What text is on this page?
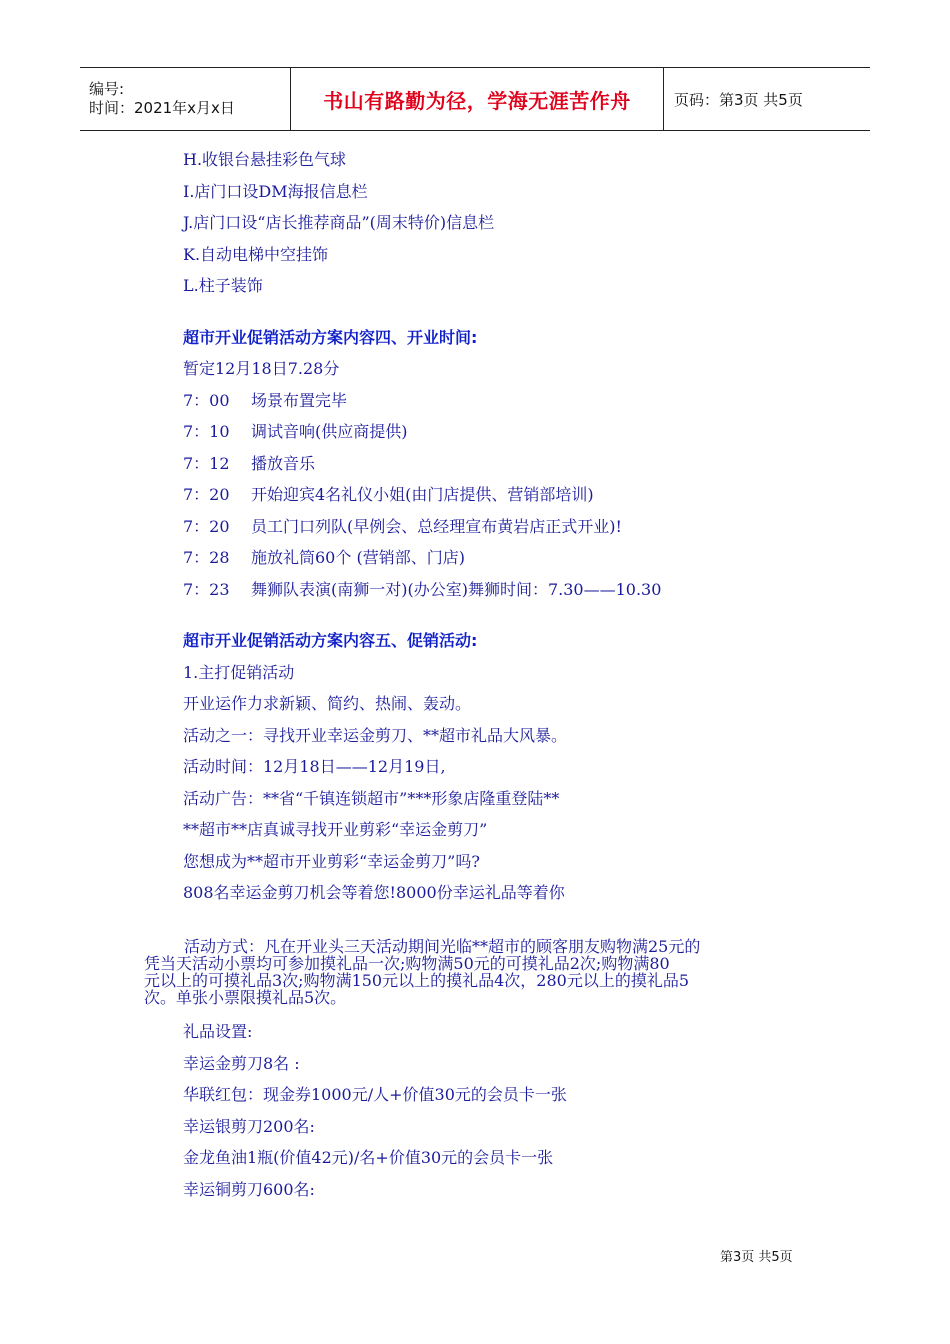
编号:
时间：2021年x月x日	书山有路勤为径，学海无涯苦作舟	页码：第3页 共5页
H.收银台悬挂彩色气球
I.店门口设DM海报信息栏
J.店门口设“店长推荐商品”(周末特价)信息栏
K.自动电梯中空挂饰
L.柱子装饰
超市开业促销活动方案内容四、开业时间:
暂定12月18日7.28分
7：00 场景布置完毕
7：10 调试音响(供应商提供)
7：12 播放音乐
7：20 开始迎宾4名礼仪小姐(由门店提供、营销部培训)
7：20 员工门口列队(早例会、总经理宣布黄岩店正式开业)!
7：28 施放礼筒60个 (营销部、门店)
7：23 舞狮队表演(南狮一对)(办公室)舞狮时间：7.30——10.30
超市开业促销活动方案内容五、促销活动:
1.主打促销活动
开业运作力求新颖、简约、热闹、轰动。
活动之一：寻找开业幸运金剪刀、**超市礼品大风暴。
活动时间：12月18日——12月19日,
活动广告：**省“千镇连锁超市”***形象店隆重登陆**
**超市**店真诚寻找开业剪彩“幸运金剪刀”
您想成为**超市开业剪彩“幸运金剪刀”吗?
808名幸运金剪刀机会等着您!8000份幸运礼品等着你
活动方式：凡在开业头三天活动期间光临**超市的顾客朋友购物满25元的
凭当天活动小票均可参加摸礼品一次;购物满50元的可摸礼品2次;购物满80
元以上的可摸礼品3次;购物满150元以上的摸礼品4次，280元以上的摸礼品5
次。单张小票限摸礼品5次。
礼品设置:
幸运金剪刀8名 :
华联红包：现金券1000元/人+价值30元的会员卡一张
幸运银剪刀200名:
金龙鱼油1瓶(价值42元)/名+价值30元的会员卡一张
幸运铜剪刀600名:
第3页 共5页
